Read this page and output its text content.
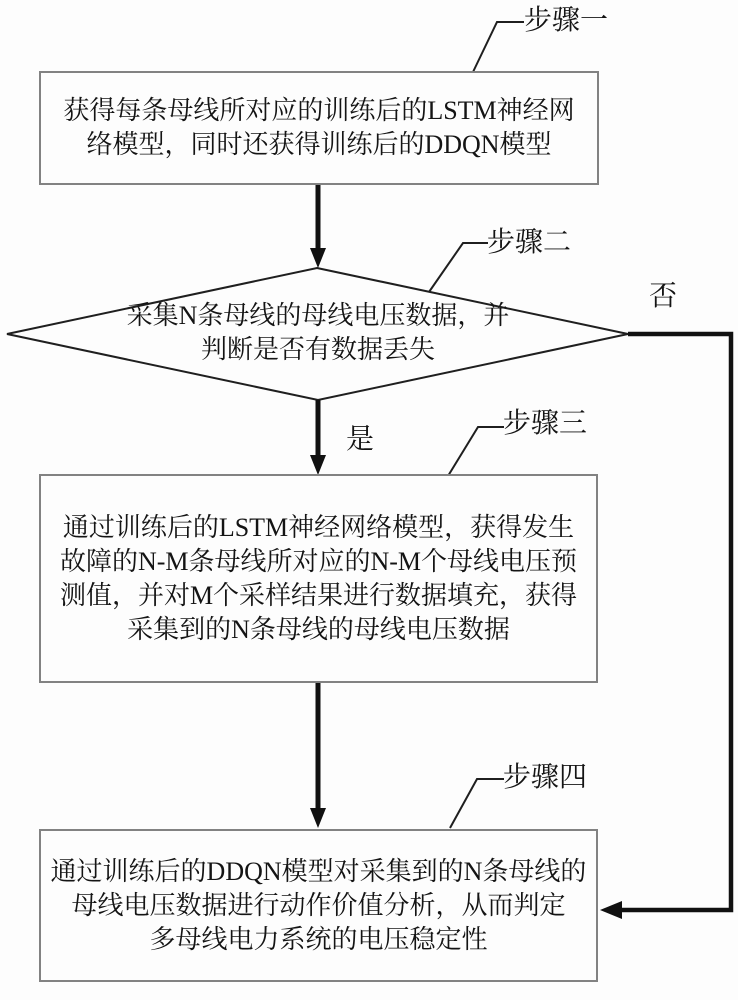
获得每条母线所对应的训练后的LSTM神经网
络模型，同时还获得训练后的DDQN模型
采集N条母线的母线电压数据，并
判断是否有数据丢失
通过训练后的LSTM神经网络模型，获得发生
故障的N-M条母线所对应的N-M个母线电压预
测值，并对M个采样结果进行数据填充，获得
采集到的N条母线的母线电压数据
通过训练后的DDQN模型对采集到的N条母线的
母线电压数据进行动作价值分析，从而判定
多母线电力系统的电压稳定性
步骤一
步骤二
步骤三
步骤四
是
否
